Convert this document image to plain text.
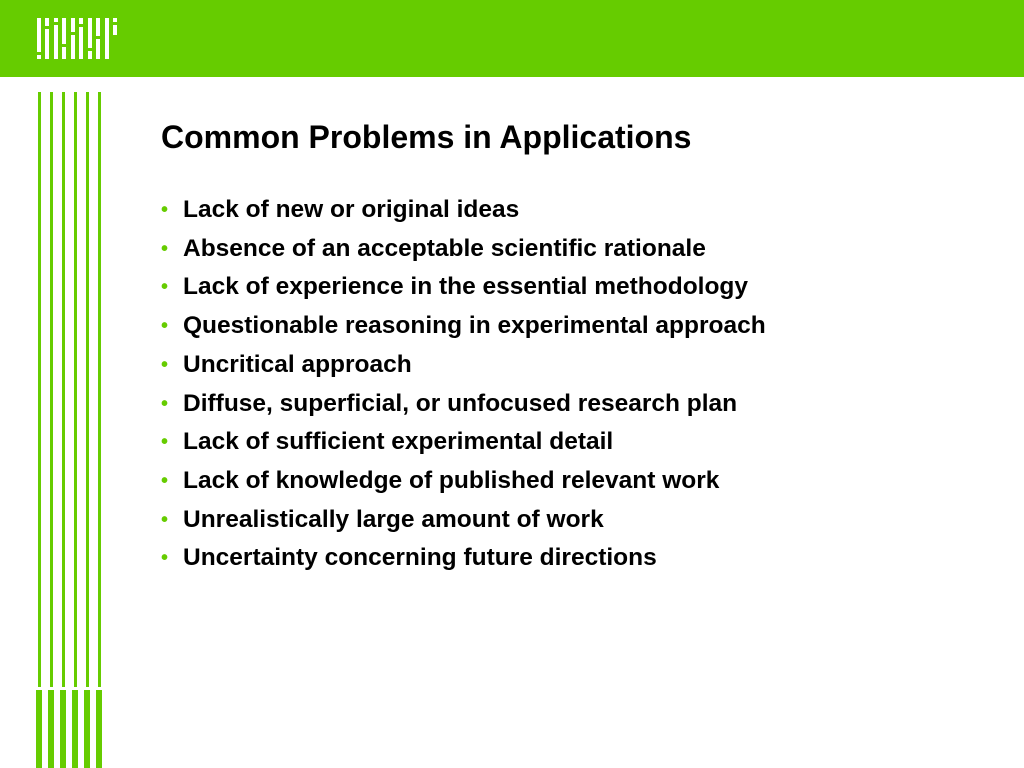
Common Problems in Applications
• Lack of new or original ideas
• Absence of an acceptable scientific rationale
• Lack of experience in the essential methodology
• Questionable reasoning in experimental approach
• Uncritical approach
• Diffuse, superficial, or unfocused research plan
• Lack of sufficient experimental detail
• Lack of knowledge of published relevant work
• Unrealistically large amount of work
• Uncertainty concerning future directions
